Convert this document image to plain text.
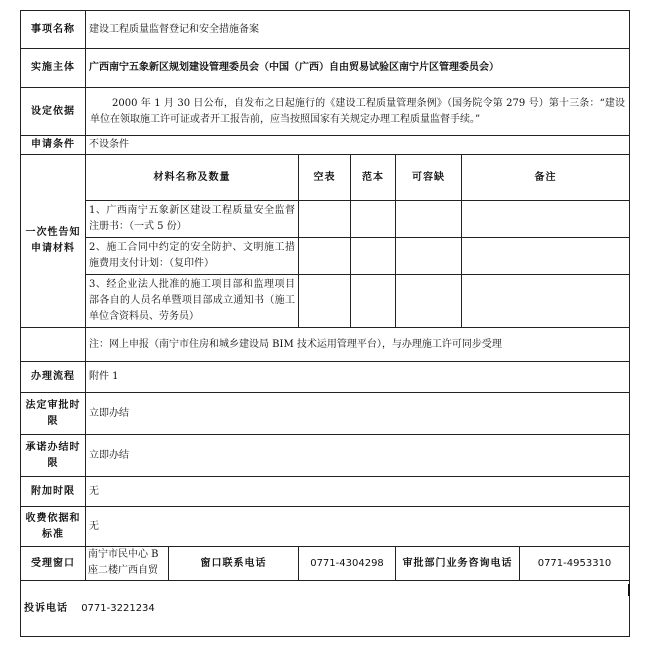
事项名称	建设工程质量监督登记和安全措施备案						
实施主体	广西南宁五象新区规划建设管理委员会（中国（广西）自由贸易试验区南宁片区管理委员会）						
设定依据	2000 年 1 月 30 日公布，自发布之日起施行的《建设工程质量管理条例》（国务院令第 279 号）第十三条：“建设单位在领取施工许可证或者开工报告前，应当按照国家有关规定办理工程质量监督手续。”						
申请条件	不设条件						
一次性告知申请材料	材料名称及数量		空表	范本	可容缺	备注	
	1、广西南宁五象新区建设工程质量安全监督注册书：（一式 5 份）						
	2、施工合同中约定的安全防护、文明施工措施费用支付计划：（复印件）						
	3、经企业法人批准的施工项目部和监理项目部各自的人员名单暨项目部成立通知书（施工单位含资料员、劳务员）						
	注：网上申报（南宁市住房和城乡建设局 BIM 技术运用管理平台），与办理施工许可同步受理						
办理流程	附件 1						
法定审批时限	立即办结						
承诺办结时限	立即办结						
附加时限	无						
收费依据和标准	无						
受理窗口	南宁市民中心 B 座二楼广西自贸	窗口联系电话	0771-4304298		审批部门业务咨询电话		0771-4953310
投诉电话 0771-3221234							
